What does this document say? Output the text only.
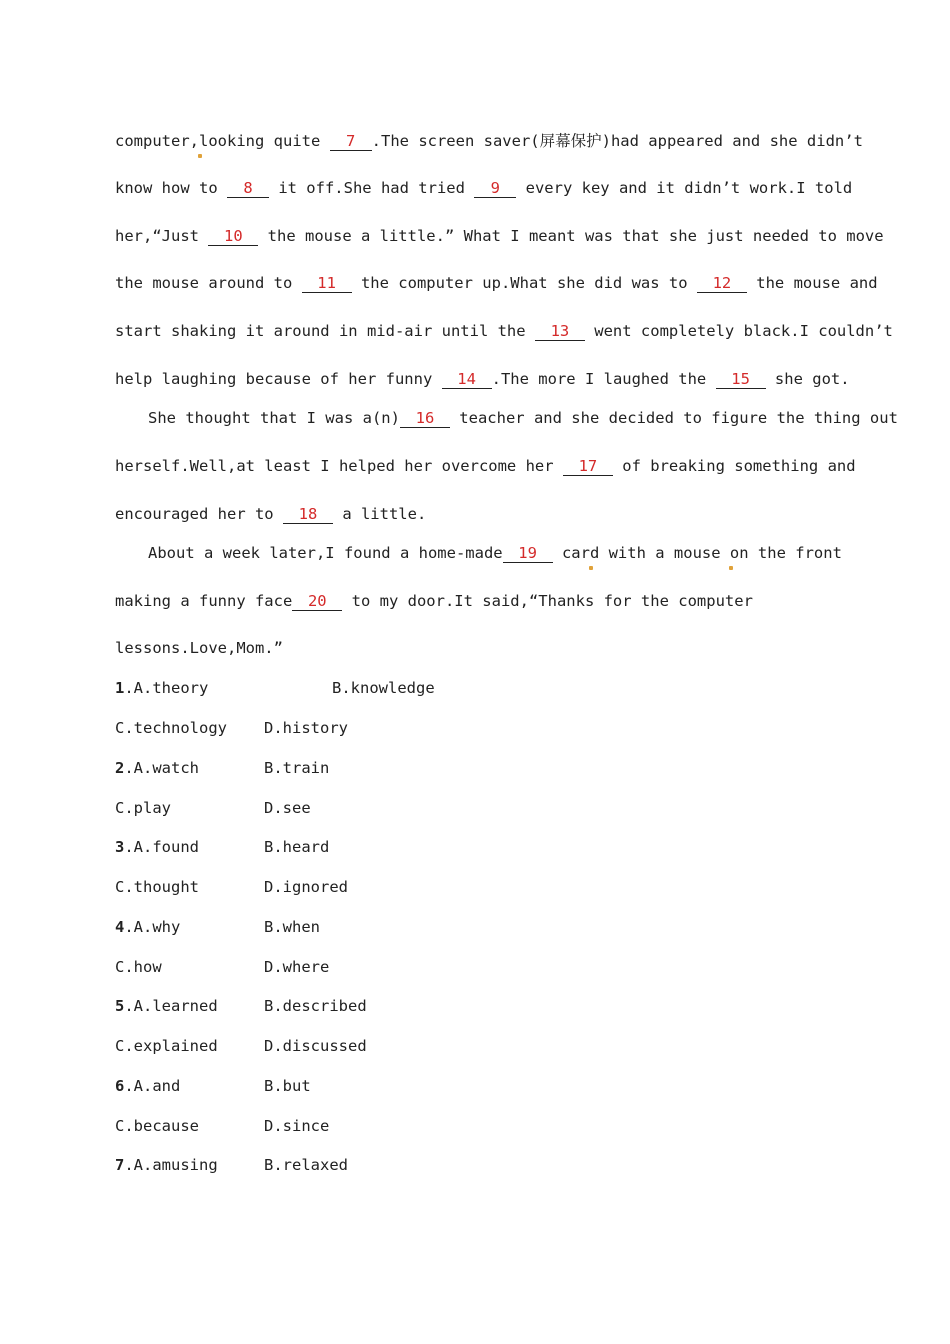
computer,looking quite 7 .The screen saver(屏幕保护)had appeared and she didn’t
know how to 8 it off.She had tried 9 every key and it didn’t work.I told
her,“Just 10 the mouse a little.” What I meant was that she just needed to move
the mouse around to 11 the computer up.What she did was to 12 the mouse and
start shaking it around in mid-air until the 13 went completely black.I couldn’t
help laughing because of her funny 14 .The more I laughed the 15 she got.
She thought that I was a(n) 16 teacher and she decided to figure the thing out
herself.Well,at least I helped her overcome her 17 of breaking something and
encouraged her to 18 a little.
About a week later,I found a home-made 19 card with a mouse on the front
making a funny face 20 to my door.It said,“Thanks for the computer
lessons.Love,Mom.”
1.A.theory	B.knowledge
C.technology D.history
2.A.watch	B.train
C.play	D.see
3.A.found	B.heard
C.thought	D.ignored
4.A.why	B.when
C.how	D.where
5.A.learned	B.described
C.explained	D.discussed
6.A.and	B.but
C.because	D.since
7.A.amusing	B.relaxed
